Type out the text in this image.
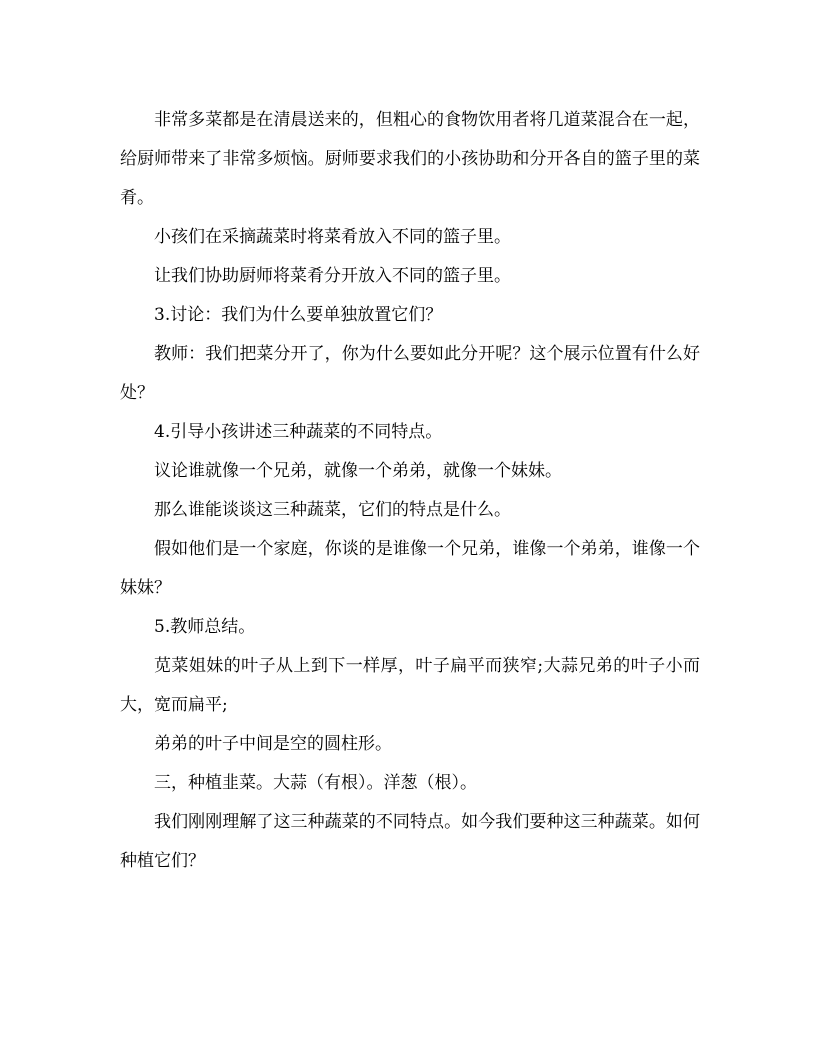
非常多菜都是在清晨送来的，但粗心的食物饮用者将几道菜混合在一起，给厨师带来了非常多烦恼。厨师要求我们的小孩协助和分开各自的篮子里的菜肴。

小孩们在采摘蔬菜时将菜肴放入不同的篮子里。

让我们协助厨师将菜肴分开放入不同的篮子里。

3.讨论：我们为什么要单独放置它们？

教师：我们把菜分开了，你为什么要如此分开呢？这个展示位置有什么好处？

4.引导小孩讲述三种蔬菜的不同特点。

议论谁就像一个兄弟，就像一个弟弟，就像一个妹妹。

那么谁能谈谈这三种蔬菜，它们的特点是什么。

假如他们是一个家庭，你谈的是谁像一个兄弟，谁像一个弟弟，谁像一个妹妹？

5.教师总结。

苋菜姐妹的叶子从上到下一样厚，叶子扁平而狭窄;大蒜兄弟的叶子小而大，宽而扁平;

弟弟的叶子中间是空的圆柱形。

三，种植韭菜。大蒜（有根）。洋葱（根）。

我们刚刚理解了这三种蔬菜的不同特点。如今我们要种这三种蔬菜。如何种植它们？
